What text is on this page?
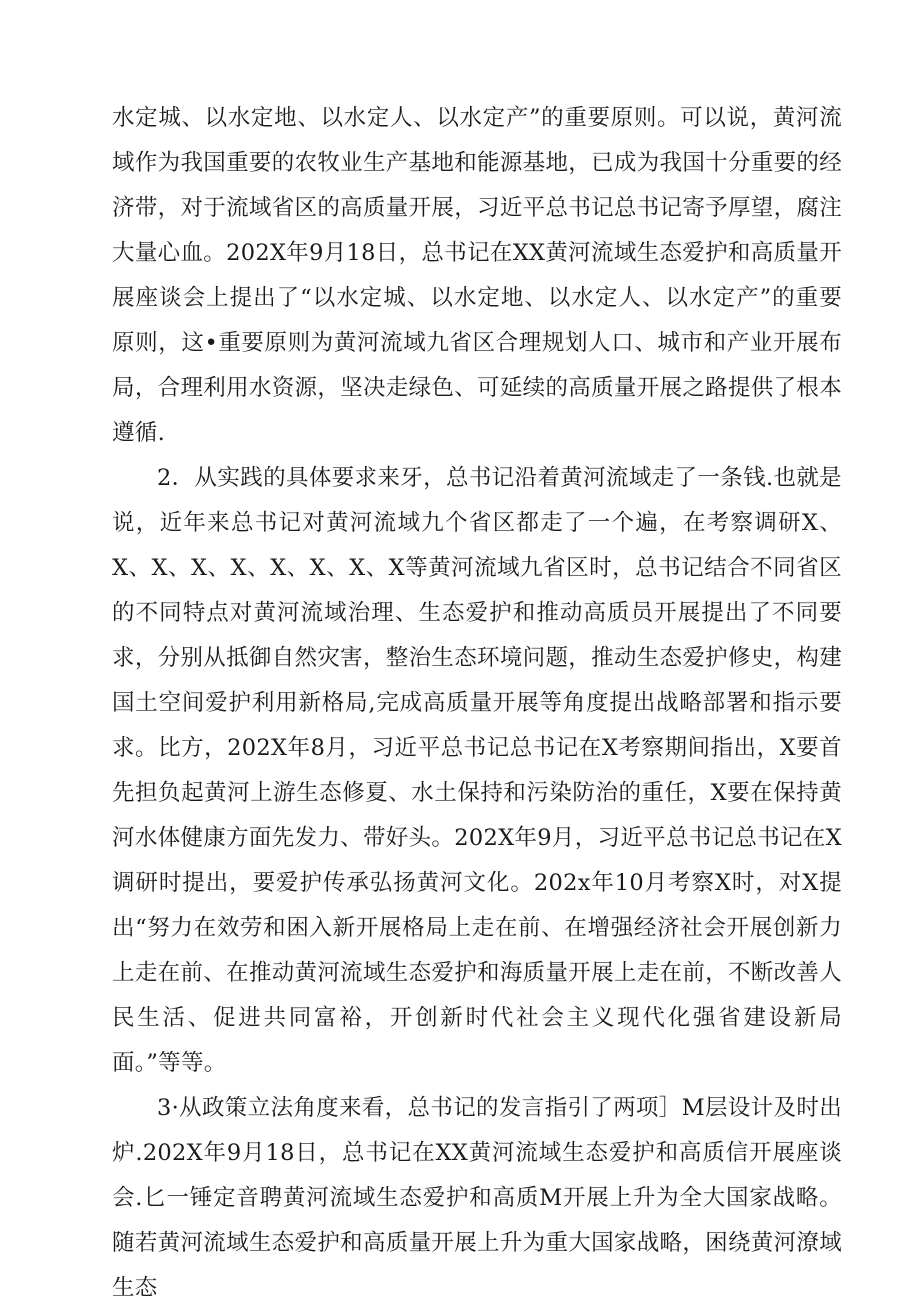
水定城、以水定地、以水定人、以水定产”的重要原则。可以说，黄河流域作为我国重要的农牧业生产基地和能源基地，已成为我国十分重要的经济带，对于流域省区的高质量开展，习近平总书记总书记寄予厚望，腐注大量心血。202X年9月18日，总书记在XX黄河流域生态爱护和高质量开展座谈会上提出了“以水定城、以水定地、以水定人、以水定产”的重要原则，这•重要原则为黄河流域九省区合理规划人口、城市和产业开展布局，合理利用水资源，坚决走绿色、可延续的高质量开展之路提供了根本遵循.

2．从实践的具体要求来牙，总书记沿着黄河流域走了一条钱.也就是说，近年来总书记对黄河流域九个省区都走了一个遍，在考察调研X、X、X、X、X、X、X、X、X等黄河流域九省区时，总书记结合不同省区的不同特点对黄河流域治理、生态爱护和推动高质员开展提出了不同要求，分别从抵御自然灾害，整治生态环境问题，推动生态爱护修史，构建国土空间爱护利用新格局,完成高质量开展等角度提出战略部署和指示要求。比方，202X年8月，习近平总书记总书记在X考察期间指出，X要首先担负起黄河上游生态修夏、水土保持和污染防治的重任，X要在保持黄河水体健康方面先发力、带好头。202X年9月，习近平总书记总书记在X调研时提出，要爱护传承弘扬黄河文化。202x年10月考察X时，对X提出“努力在效劳和困入新开展格局上走在前、在增强经济社会开展创新力上走在前、在推动黄河流域生态爱护和海质量开展上走在前，不断改善人民生活、促进共同富裕，开创新时代社会主义现代化强省建设新局面。”等等。

3·从政策立法角度来看，总书记的发言指引了两项］M层设计及时出炉.202X年9月18日，总书记在XX黄河流域生态爱护和高质信开展座谈会.匕一锤定音聘黄河流域生态爱护和高质M开展上升为全大国家战略。随若黄河流域生态爱护和高质量开展上升为重大国家战略，困绕黄河潦域生态
